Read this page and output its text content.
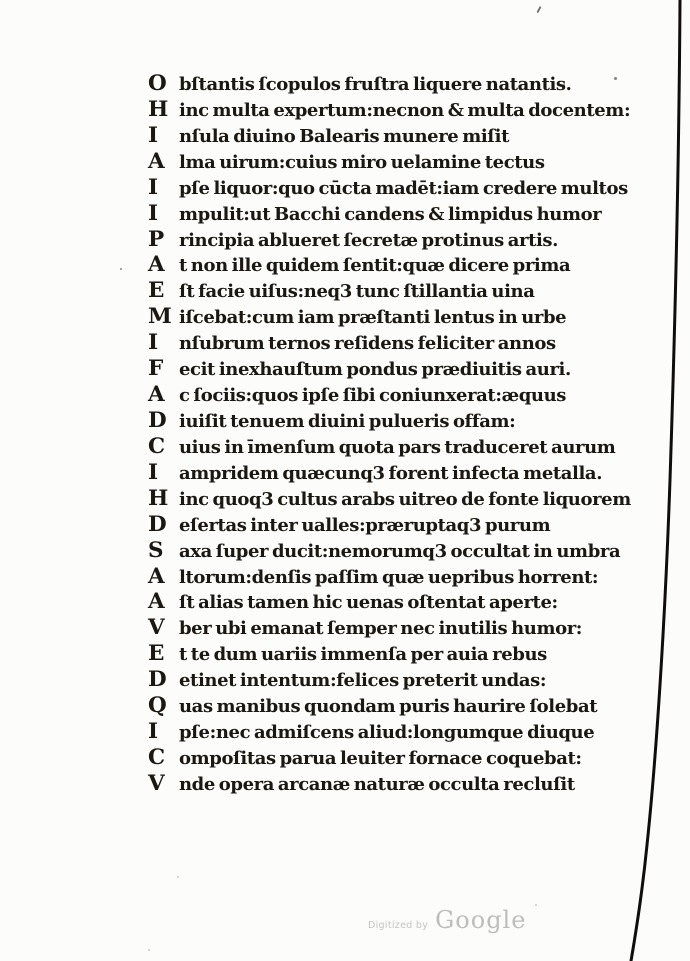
O bſtantis ſcopulos fruſtra liquere natantis.
H inc multa expertum:necnon & multa docentem:
I	nſula diuino Balearis munere miſit
A lma uirum:cuius miro uelamine tectus
I	pſe liquor:quo cūcta madēt:iam credere multos
I	mpulit:ut Bacchi candens & limpidus humor
P rincipia ablueret ſecretæ protinus artis.
A t non ille quidem ſentit:quæ dicere prima
E ſt facie uiſus:neq3 tunc ſtillantia uina
M iſcebat:cum iam præſtanti lentus in urbe
I	nſubrum ternos reſidens feliciter annos
F ecit inexhauſtum pondus prædiuitis auri.
A c ſociis:quos ipſe ſibi coniunxerat:æquus
D iuiſit tenuem diuini pulueris offam:
C uius in īmenſum quota pars traduceret aurum
I	ampridem quæcunq3 forent infecta metalla.
H inc quoq3 cultus arabs uitreo de fonte liquorem
D eſertas inter ualles:præruptaq3 purum
S axa ſuper ducit:nemorumq3 occultat in umbra
A ltorum:denſis paſſim quæ uepribus horrent:
A ſt alias tamen hic uenas oſtentat aperte:
V ber ubi emanat ſemper nec inutilis humor:
E t te dum uariis immenſa per auia rebus
D etinet intentum:felices preterit undas:
Q uas manibus quondam puris haurire ſolebat
I	pſe:nec admiſcens aliud:longumque diuque
C ompoſitas parua leuiter fornace coquebat:
V nde opera arcanæ naturæ occulta recluſit
Digitized by Google
